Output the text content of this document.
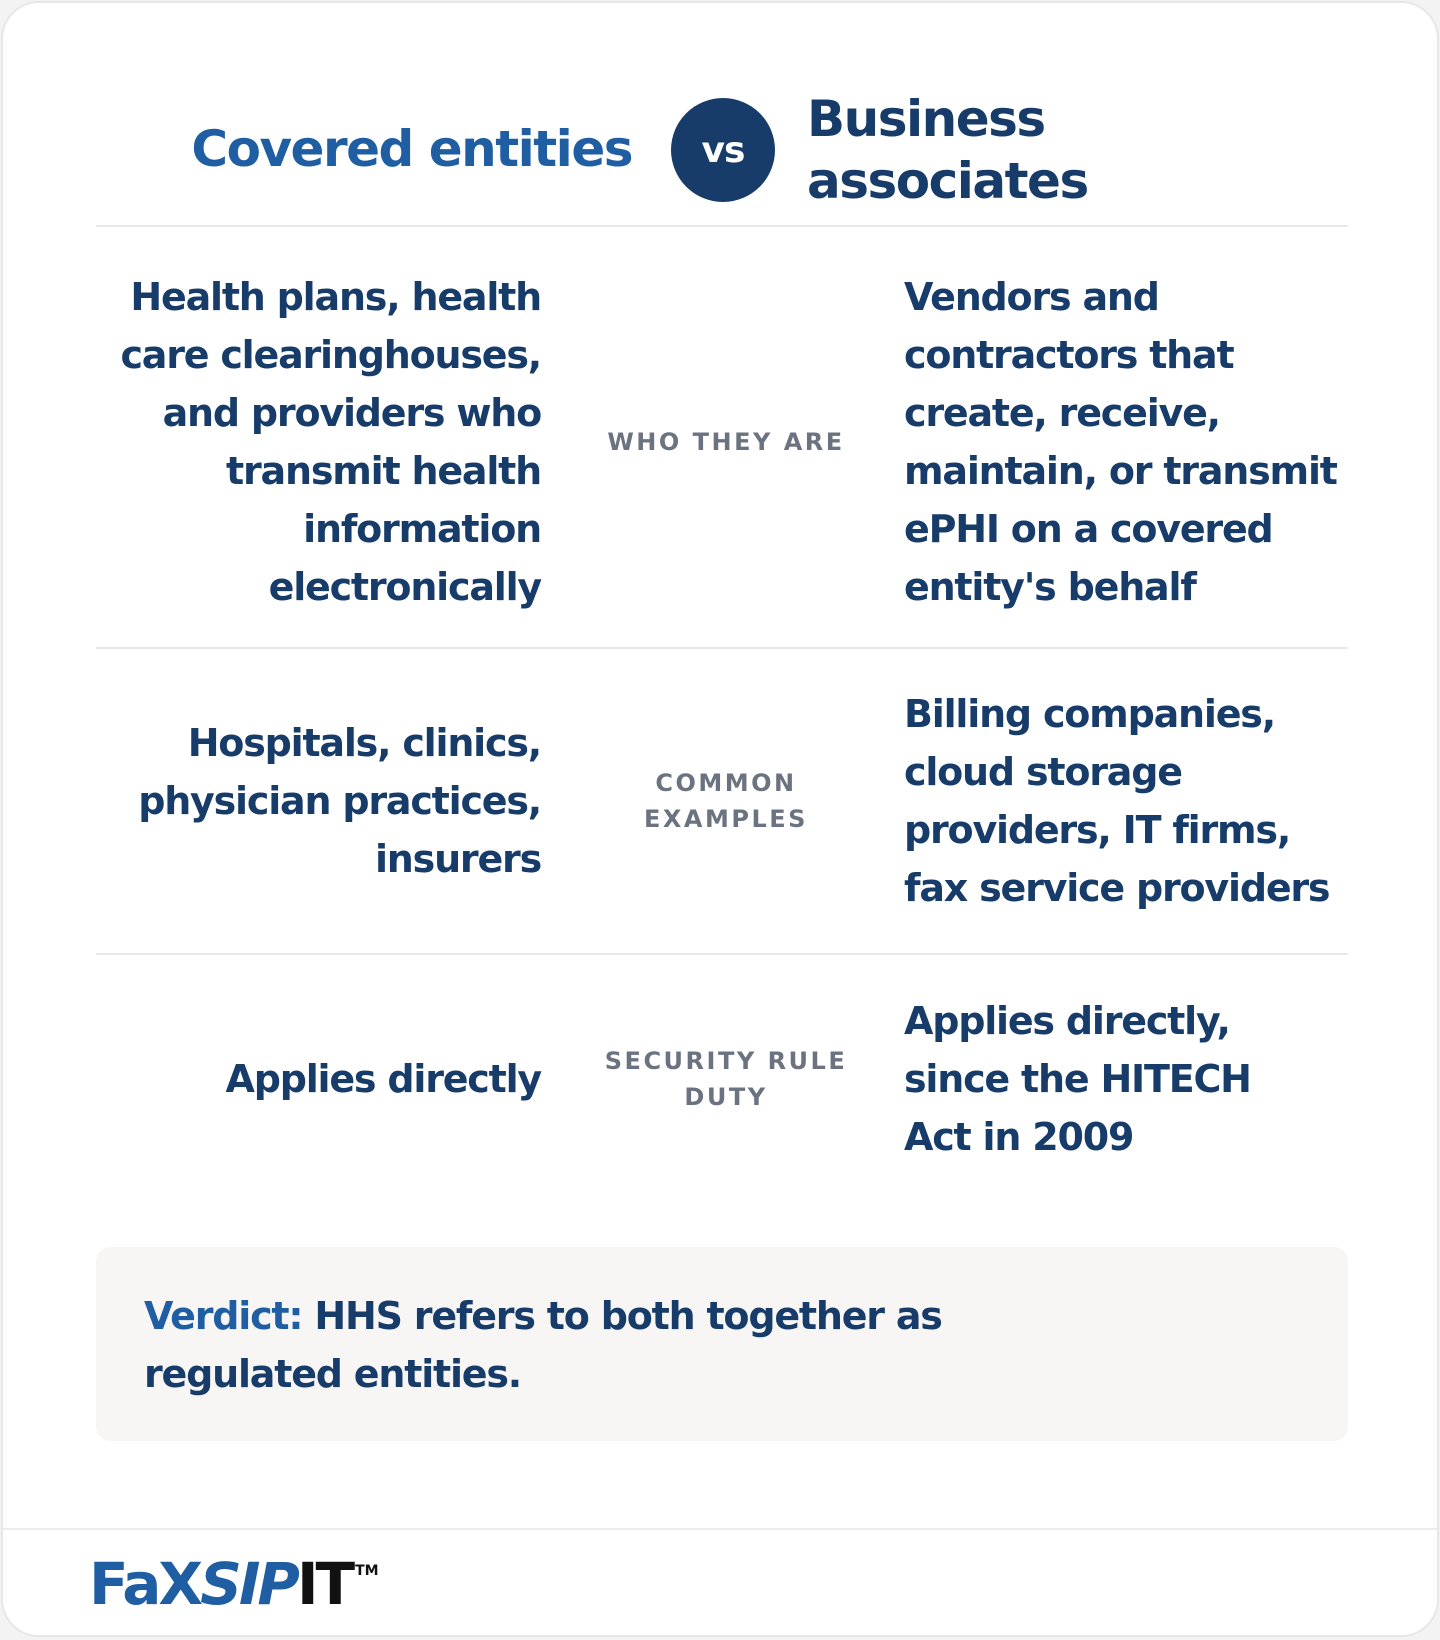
Covered entities	vs
Business
associates
Health plans, health
care clearinghouses,
and providers who
transmit health
information
electronically
WHO THEY ARE
Vendors and
contractors that
create, receive,
maintain, or transmit
ePHI on a covered
entity's behalf
Hospitals, clinics,
physician practices,
insurers
COMMON
EXAMPLES
Billing companies,
cloud storage
providers, IT firms,
fax service providers
Applies directly	SECURITY RULE
DUTY
Applies directly,
since the HITECH
Act in 2009
Verdict: HHS refers to both together as regulated entities.
FaX SIP IT TM
